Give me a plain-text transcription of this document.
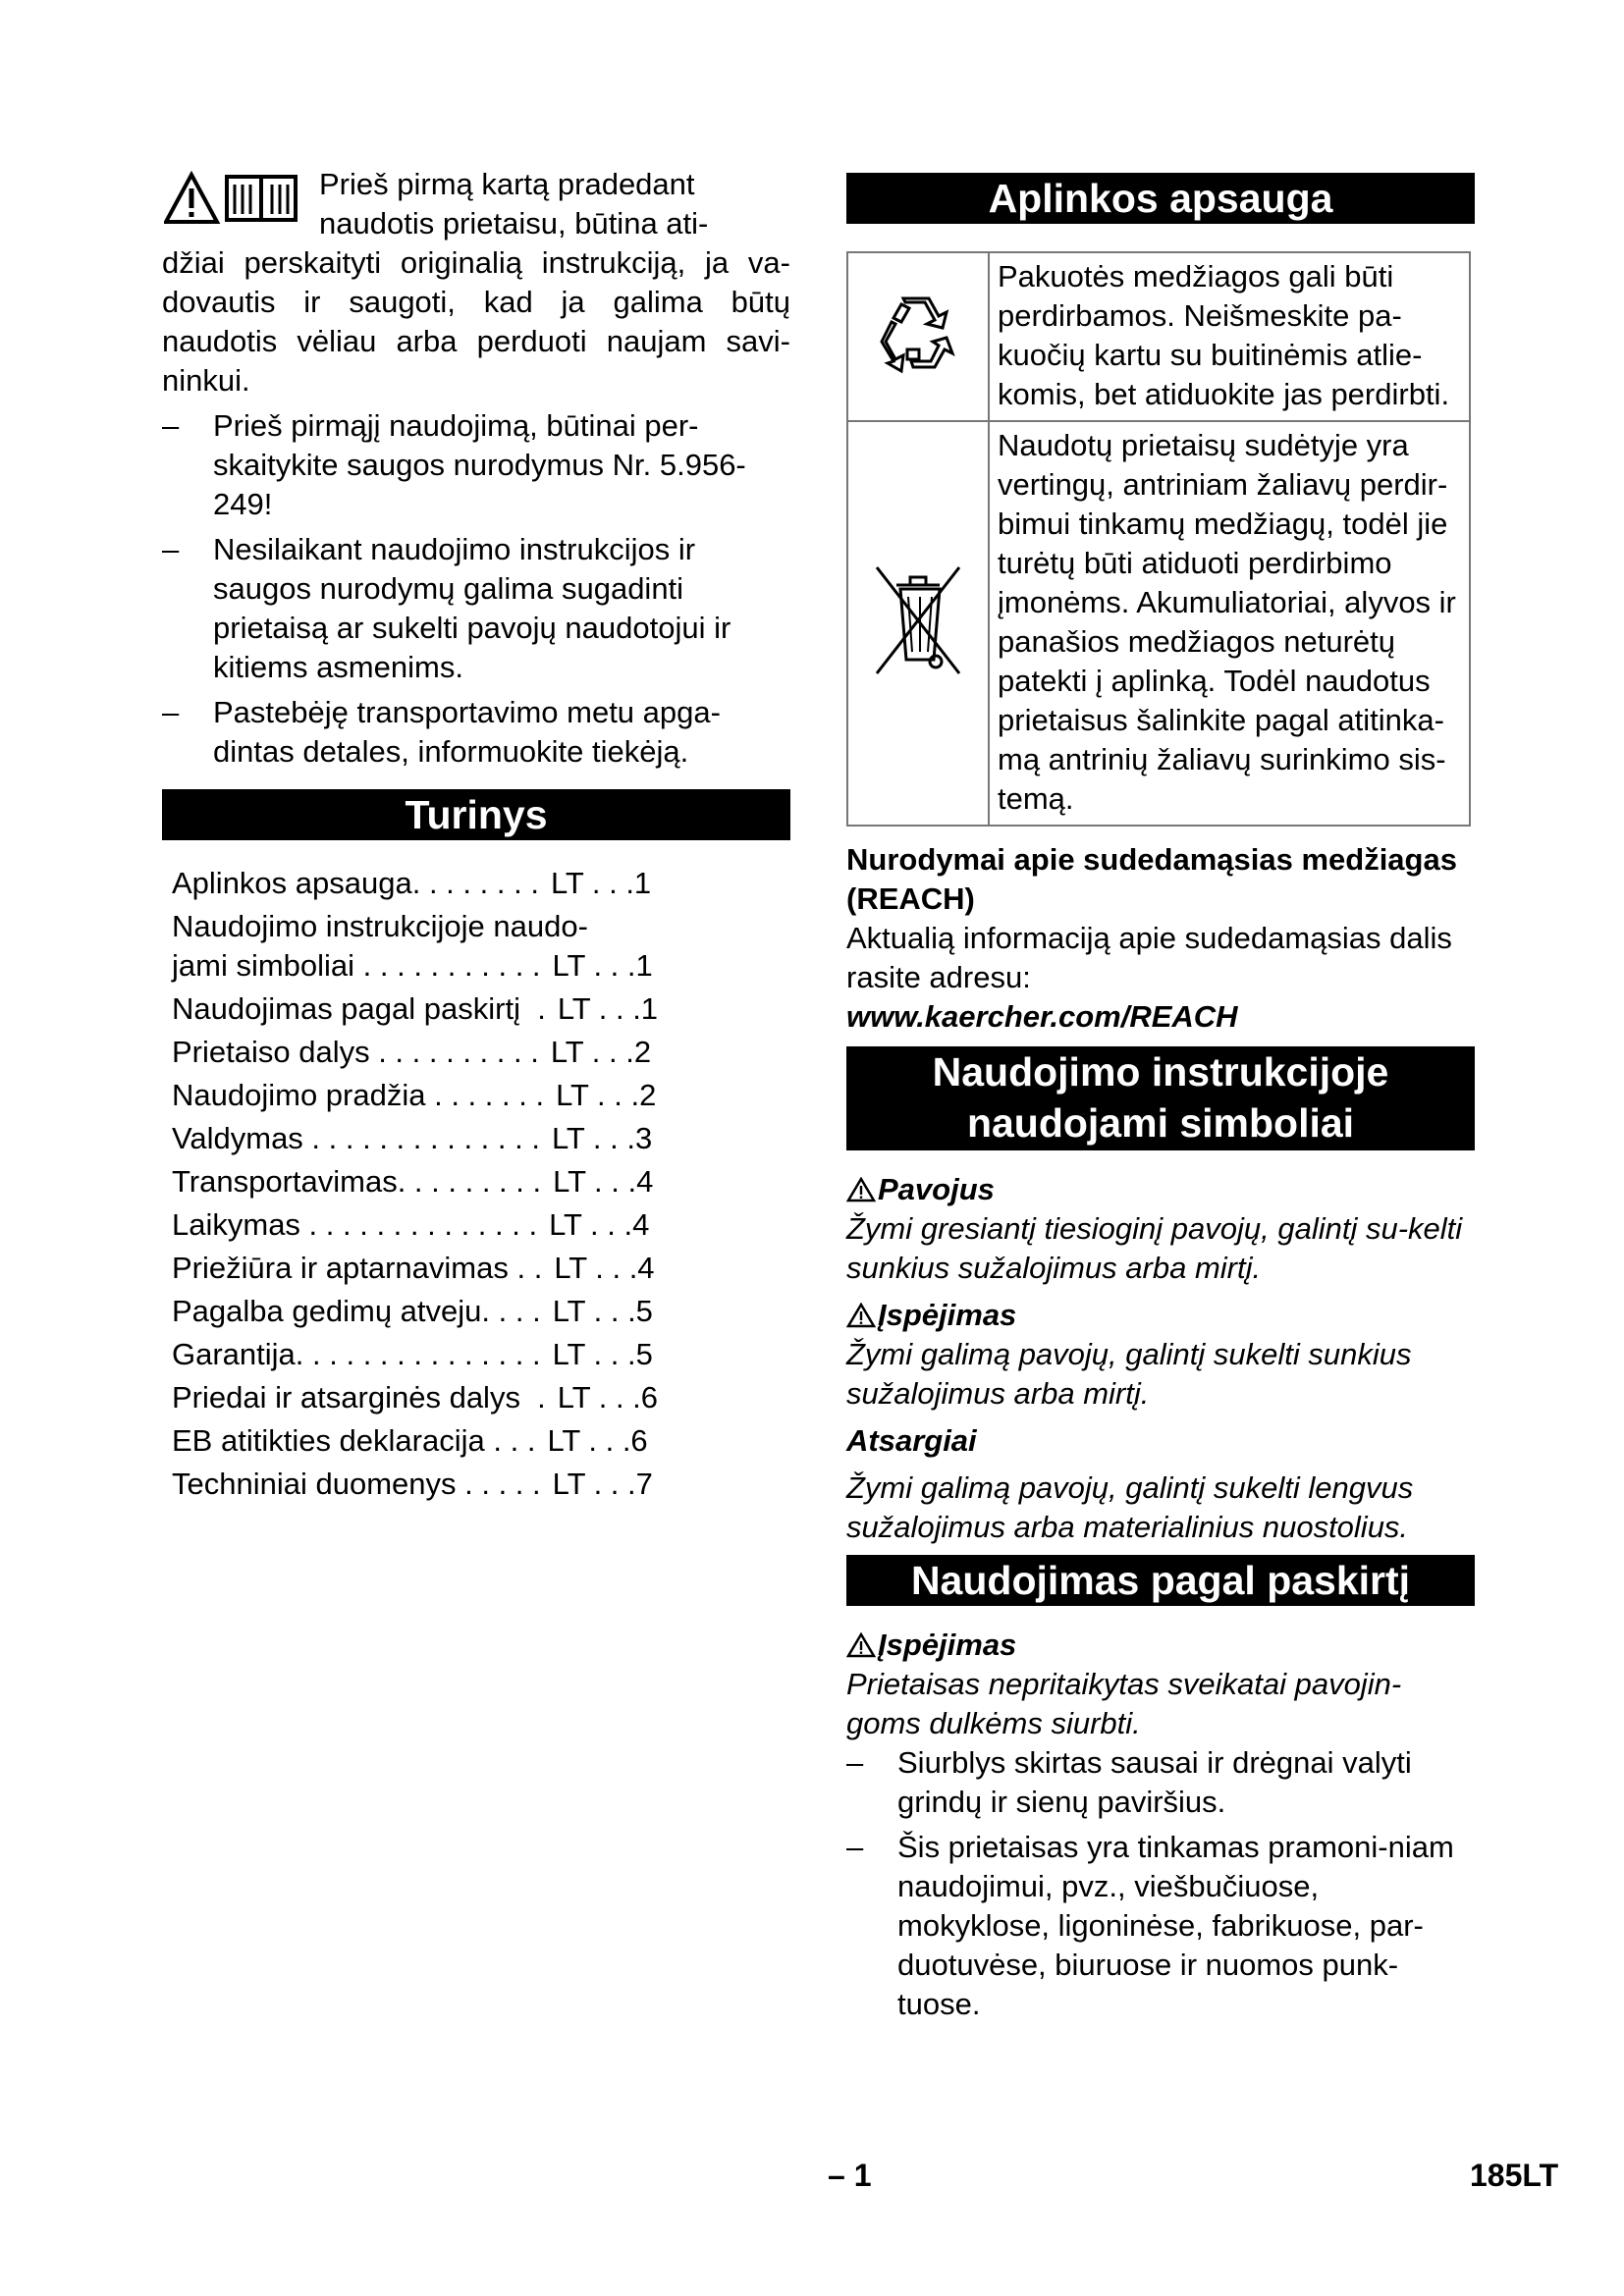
Prieš pirmą kartą pradedant

naudotis prietaisu, būtina ati-

džiai perskaityti originalią instrukciją, ja va-dovautis ir saugoti, kad ja galima būtų naudotis vėliau arba perduoti naujam savi-ninkui.

–	Prieš pirmąjį naudojimą, būtinai per-skaitykite saugos nurodymus Nr. 5.956-249!
–	Nesilaikant naudojimo instrukcijos ir saugos nurodymų galima sugadinti prietaisą ar sukelti pavojų naudotojui ir kitiems asmenims.
–	Pastebėję transportavimo metu apga-dintas detales, informuokite tiekėją.
Turinys
Aplinkos apsauga . . . . . . . . LT . . .1
Naudojimo instrukcijoje naudo-
jami simboliai . . . . . . . . . . . LT . . .1
Naudojimas pagal paskirtį . LT . . .1
Prietaiso dalys . . . . . . . . . . LT . . .2
Naudojimo pradžia . . . . . . . LT . . .2
Valdymas . . . . . . . . . . . . . . LT . . .3
Transportavimas . . . . . . . . . LT . . .4
Laikymas . . . . . . . . . . . . . . LT . . .4
Priežiūra ir aptarnavimas . . LT . . .4
Pagalba gedimų atveju . . . . LT . . .5
Garantija . . . . . . . . . . . . . . . LT . . .5
Priedai ir atsarginės dalys . LT . . .6
EB atitikties deklaracija . . . LT . . .6
Techniniai duomenys . . . . . LT . . .7
Aplinkos apsauga
	Pakuotės medžiagos gali būti perdirbamos. Neišmeskite pa-kuočių kartu su buitinėmis atlie-komis, bet atiduokite jas perdirbti.
	Naudotų prietaisų sudėtyje yra vertingų, antriniam žaliavų perdir-bimui tinkamų medžiagų, todėl jie turėtų būti atiduoti perdirbimo įmonėms. Akumuliatoriai, alyvos ir panašios medžiagos neturėtų patekti į aplinką. Todėl naudotus prietaisus šalinkite pagal atitinka-mą antrinių žaliavų surinkimo sis-temą.

Nurodymai apie sudedamąsias medžiagas (REACH)

Aktualią informaciją apie sudedamąsias dalis rasite adresu:

www.kaercher.com/REACH

Naudojimo instrukcijoje
naudojami simboliai

Pavojus

Žymi gresiantį tiesioginį pavojų, galintį su-kelti sunkius sužalojimus arba mirtį.

Įspėjimas

Žymi galimą pavojų, galintį sukelti sunkius sužalojimus arba mirtį.

Atsargiai

Žymi galimą pavojų, galintį sukelti lengvus sužalojimus arba materialinius nuostolius.

Naudojimas pagal paskirtį

Įspėjimas

Prietaisas nepritaikytas sveikatai pavojin-goms dulkėms siurbti.

–	Siurblys skirtas sausai ir drėgnai valyti grindų ir sienų paviršius.
–	Šis prietaisas yra tinkamas pramoni-niam naudojimui, pvz., viešbučiuose, mokyklose, ligoninėse, fabrikuose, par-duotuvėse, biuruose ir nuomos punk-tuose.
– 1	185LT
